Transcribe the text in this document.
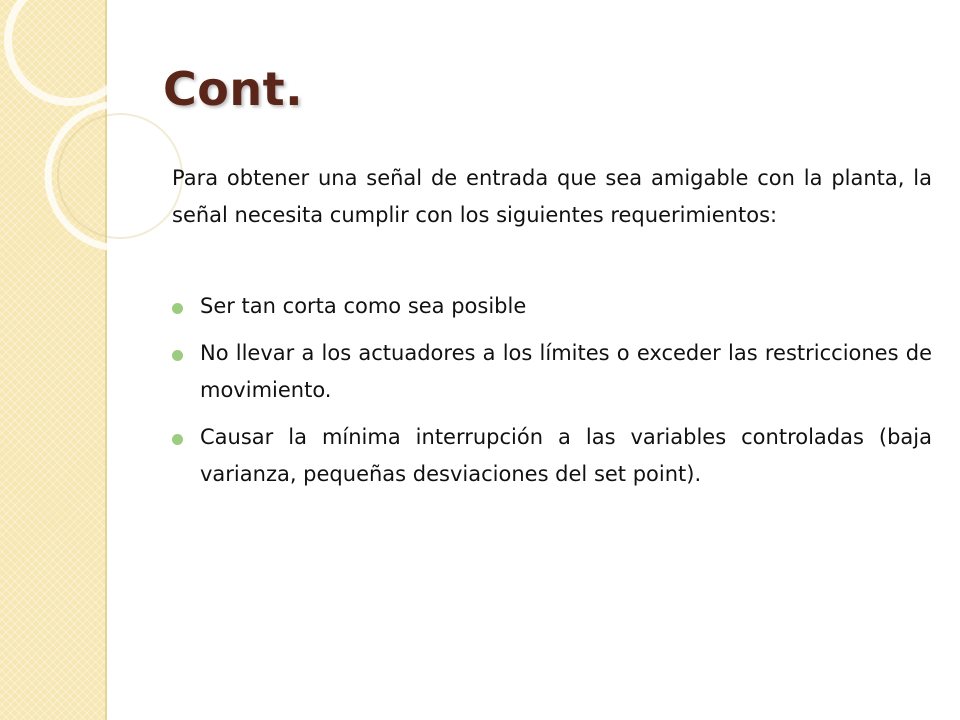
Cont.

Para obtener una señal de entrada que sea amigable con la planta, la señal necesita cumplir con los siguientes requerimientos:

Ser tan corta como sea posible
No llevar a los actuadores a los límites o exceder las restricciones de movimiento.
Causar la mínima interrupción a las variables controladas (baja varianza, pequeñas desviaciones del set point).
